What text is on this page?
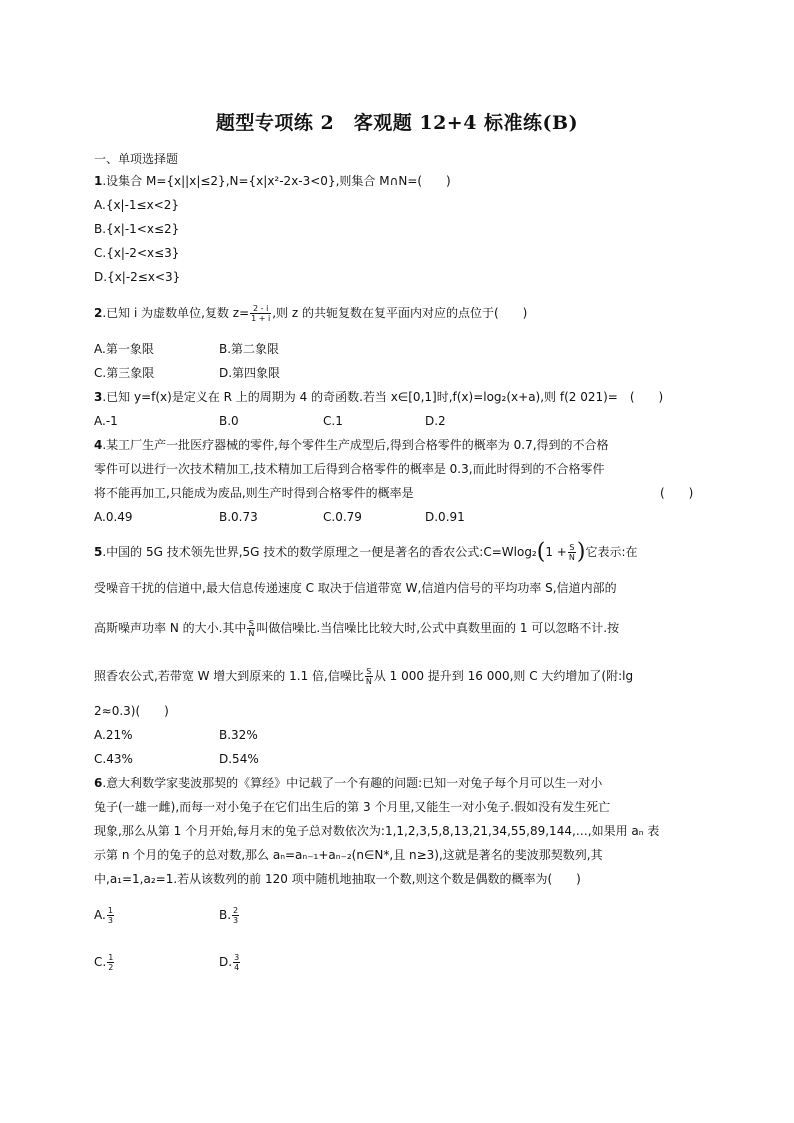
题型专项练 2　客观题 12+4 标准练(B)
一、单项选择题
1.设集合 M={x||x|≤2},N={x|x²-2x-3<0},则集合 M∩N=(　　)
A.{x|-1≤x<2}
B.{x|-1<x≤2}
C.{x|-2<x≤3}
D.{x|-2≤x<3}
2.已知 i 为虚数单位,复数 $z= \frac{2 - i}{1 + i}$ ,则 z 的共轭复数在复平面内对应的点位于(　　)
A.第一象限	B.第二象限
C.第三象限	D.第四象限
3.已知 y=f(x)是定义在 R 上的周期为 4 的奇函数.若当 x∈[0,1]时,f(x)=log₂(x+a),则 f(2 021)=　(　　)
A.-1	B.0	C.1	D.2
4.某工厂生产一批医疗器械的零件,每个零件生产成型后,得到合格零件的概率为 0.7,得到的不合格
零件可以进行一次技术精加工,技术精加工后得到合格零件的概率是 0.3,而此时得到的不合格零件
将不能再加工,只能成为废品,则生产时得到合格零件的概率是	(　　)
A.0.49	B.0.73	C.0.79	D.0.91
5.中国的 5G 技术领先世界,5G 技术的数学原理之一便是著名的香农公式:C=Wlog₂(1 + $\frac{S}{N}$ )它表示:在
受噪音干扰的信道中,最大信息传递速度 C 取决于信道带宽 W,信道内信号的平均功率 S,信道内部的
高斯噪声功率 N 的大小.其中 $\frac{S}{N}$ 叫做信噪比.当信噪比比较大时,公式中真数里面的 1 可以忽略不计.按
照香农公式,若带宽 W 增大到原来的 1.1 倍,信噪比 $\frac{S}{N}$ 从 1 000 提升到 16 000,则 C 大约增加了(附:lg
2≈0.3)(　　)
A.21%	B.32%
C.43%	D.54%
6.意大利数学家斐波那契的《算经》中记载了一个有趣的问题:已知一对兔子每个月可以生一对小
兔子(一雄一雌),而每一对小兔子在它们出生后的第 3 个月里,又能生一对小兔子.假如没有发生死亡
现象,那么从第 1 个月开始,每月末的兔子总对数依次为:1,1,2,3,5,8,13,21,34,55,89,144,…,如果用 aₙ 表
示第 n 个月的兔子的总对数,那么 aₙ=aₙ₋₁+aₙ₋₂(n∈N*,且 n≥3),这就是著名的斐波那契数列,其
中,a₁=1,a₂=1.若从该数列的前 120 项中随机地抽取一个数,则这个数是偶数的概率为(　　)
A. $\frac{1}{3}$	B. $\frac{2}{3}$
C. $\frac{1}{2}$	D. $\frac{3}{4}$
